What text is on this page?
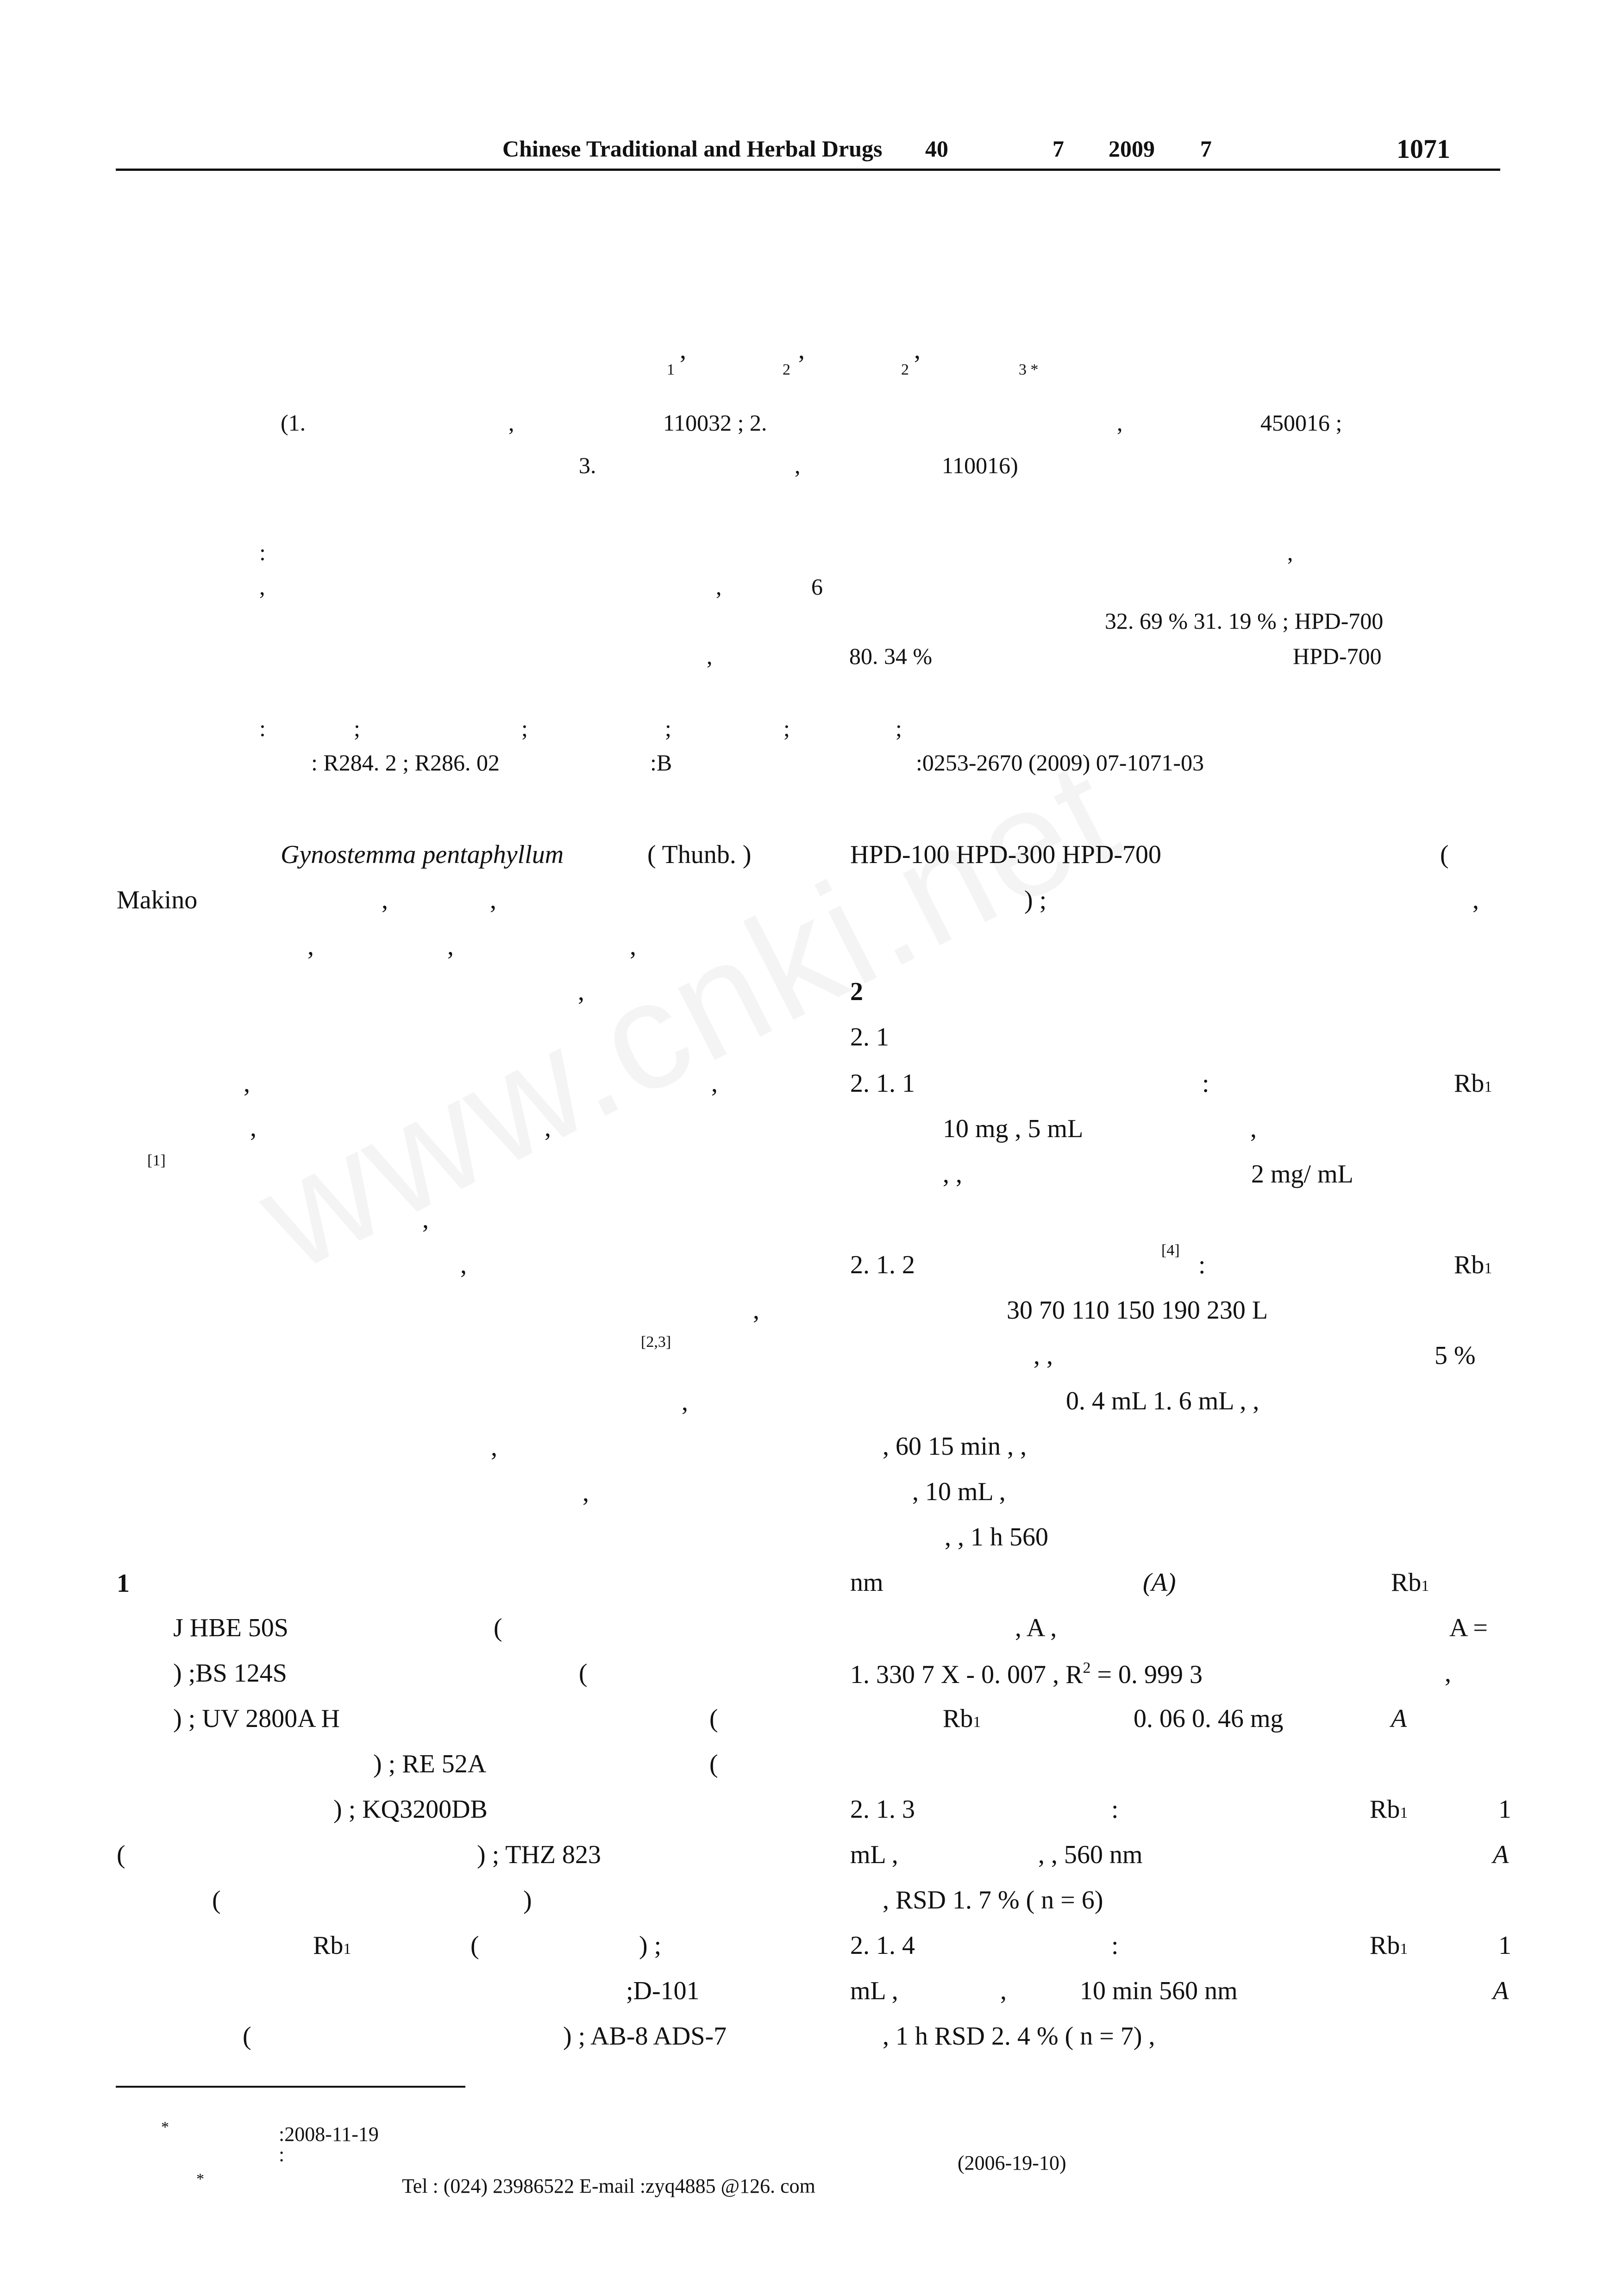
Chinese Traditional and Herbal Drugs 40	7 2009 7	1071
1
,
2
,
2
,
3 *
(1.	,	110032 ; 2.	,	450016 ;
3.	,	110016)
:	,
,	,	6
32. 69 % 31. 19 % ; HPD-700
,	80. 34 %	HPD-700
:	;	;	;	;	;
: R284. 2 ; R286. 02	:B	:0253-2670 (2009) 07-1071-03
Gynostemma pentaphyllum	( Thunb. )
Makino	,	,
,	,	,
,
,	,
,	,
[1]
,
,
,
[2,3]
,
,
,
1
J HBE 50S	(
) ;BS 124S	(
) ; UV 2800A H	(
) ; RE 52A	(
) ; KQ3200DB
(	) ; THZ 823
(	)
Rb1	(	) ;
;D-101
(	) ; AB-8 ADS-7
HPD-100 HPD-300 HPD-700	(
) ;	,
2
2. 1
2. 1. 1	:	Rb1
10 mg , 5 mL	,
, ,	2 mg/ mL
2. 1. 2
[4]
:	Rb1
30 70 110 150 190 230 L
, ,	5 %
0. 4 mL 1. 6 mL , ,
, 60 15 min , ,
, 10 mL ,
, , 1 h 560
nm	(A)	Rb1
, A ,	A =
1. 330 7 X - 0. 007 , $R^2 = 0$. 999 3	,
Rb1	0. 06 0. 46 mg	A
2. 1. 3	:	Rb1	1
mL ,	, , 560 nm	A
, RSD 1. 7 % ( n = 6)
2. 1. 4	:	Rb1	1
mL ,	,	10 min 560 nm	A
, 1 h RSD 2. 4 % ( n = 7) ,
*	:2008-11-19
:	(2006-19-10)
*	Tel : (024) 23986522 E-mail :zyq4885 @126. com
